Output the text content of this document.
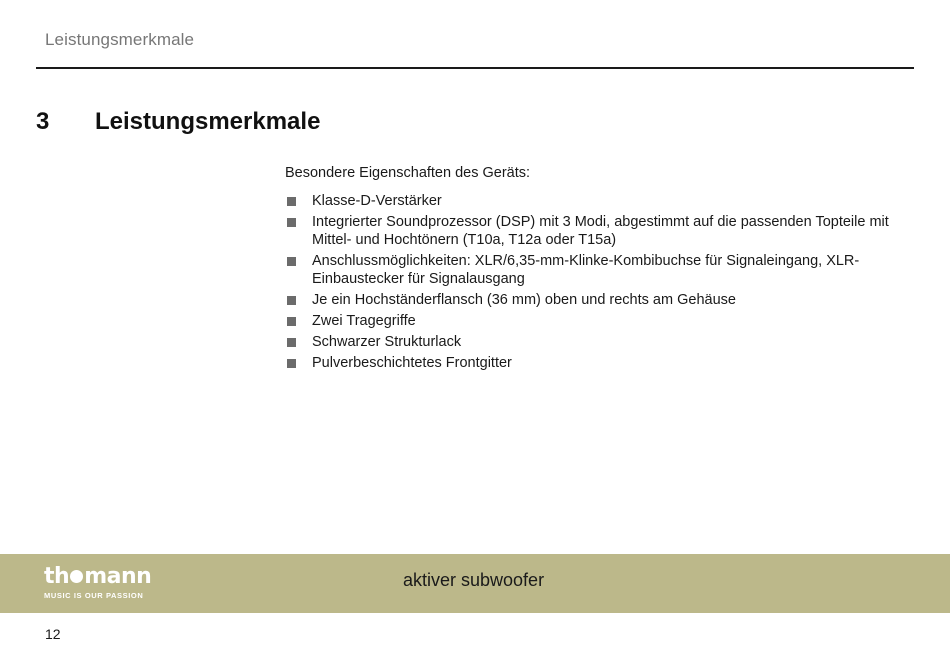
Leistungsmerkmale
3 Leistungsmerkmale

Besondere Eigenschaften des Geräts:

Klasse-D-Verstärker
Integrierter Soundprozessor (DSP) mit 3 Modi, abgestimmt auf die passenden Topteile mit Mittel- und Hochtönern (T10a, T12a oder T15a)
Anschlussmöglichkeiten: XLR/6,35-mm-Klinke-Kombibuchse für Signaleingang, XLR-Einbaustecker für Signalausgang
Je ein Hochständerflansch (36 mm) oben und rechts am Gehäuse
Zwei Tragegriffe
Schwarzer Strukturlack
Pulverbeschichtetes Frontgitter
th mann
MUSIC IS OUR PASSION
aktiver subwoofer
12
